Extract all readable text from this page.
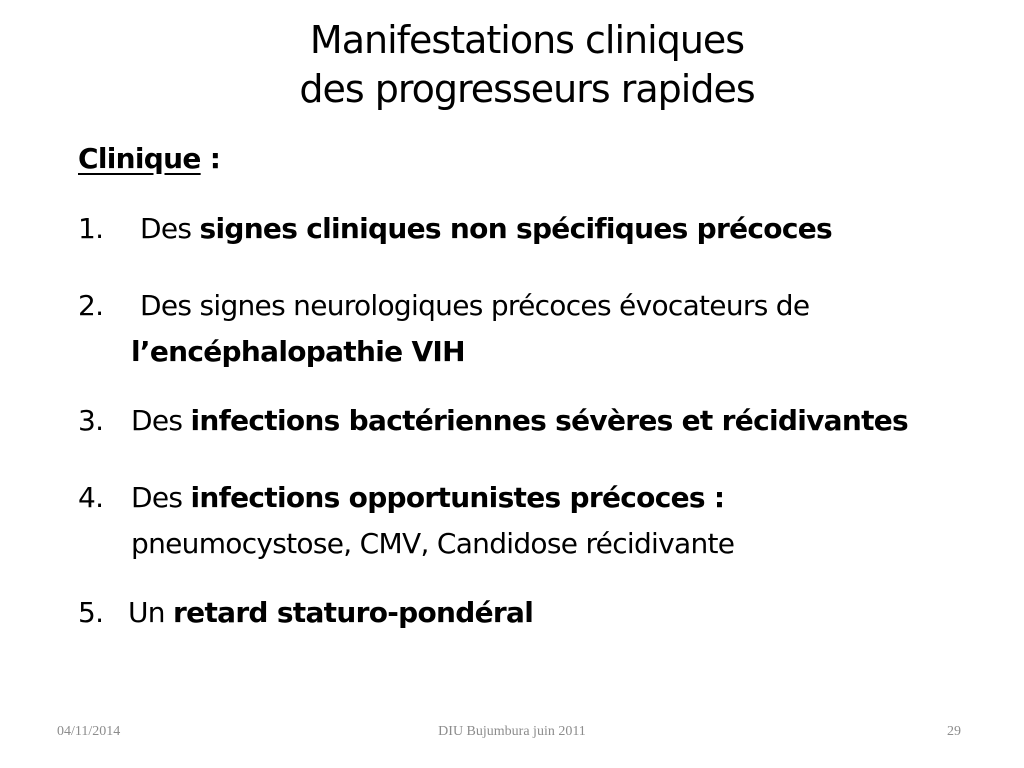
Manifestations cliniques
des progresseurs rapides

Clinique :

1. Des signes cliniques non spécifiques précoces
2. Des signes neurologiques précoces évocateurs de
l’encéphalopathie VIH
3. Des infections bactériennes sévères et récidivantes
4. Des infections opportunistes précoces :
pneumocystose, CMV, Candidose récidivante
5. Un retard staturo-pondéral
04/11/2014	DIU Bujumbura juin 2011	29
